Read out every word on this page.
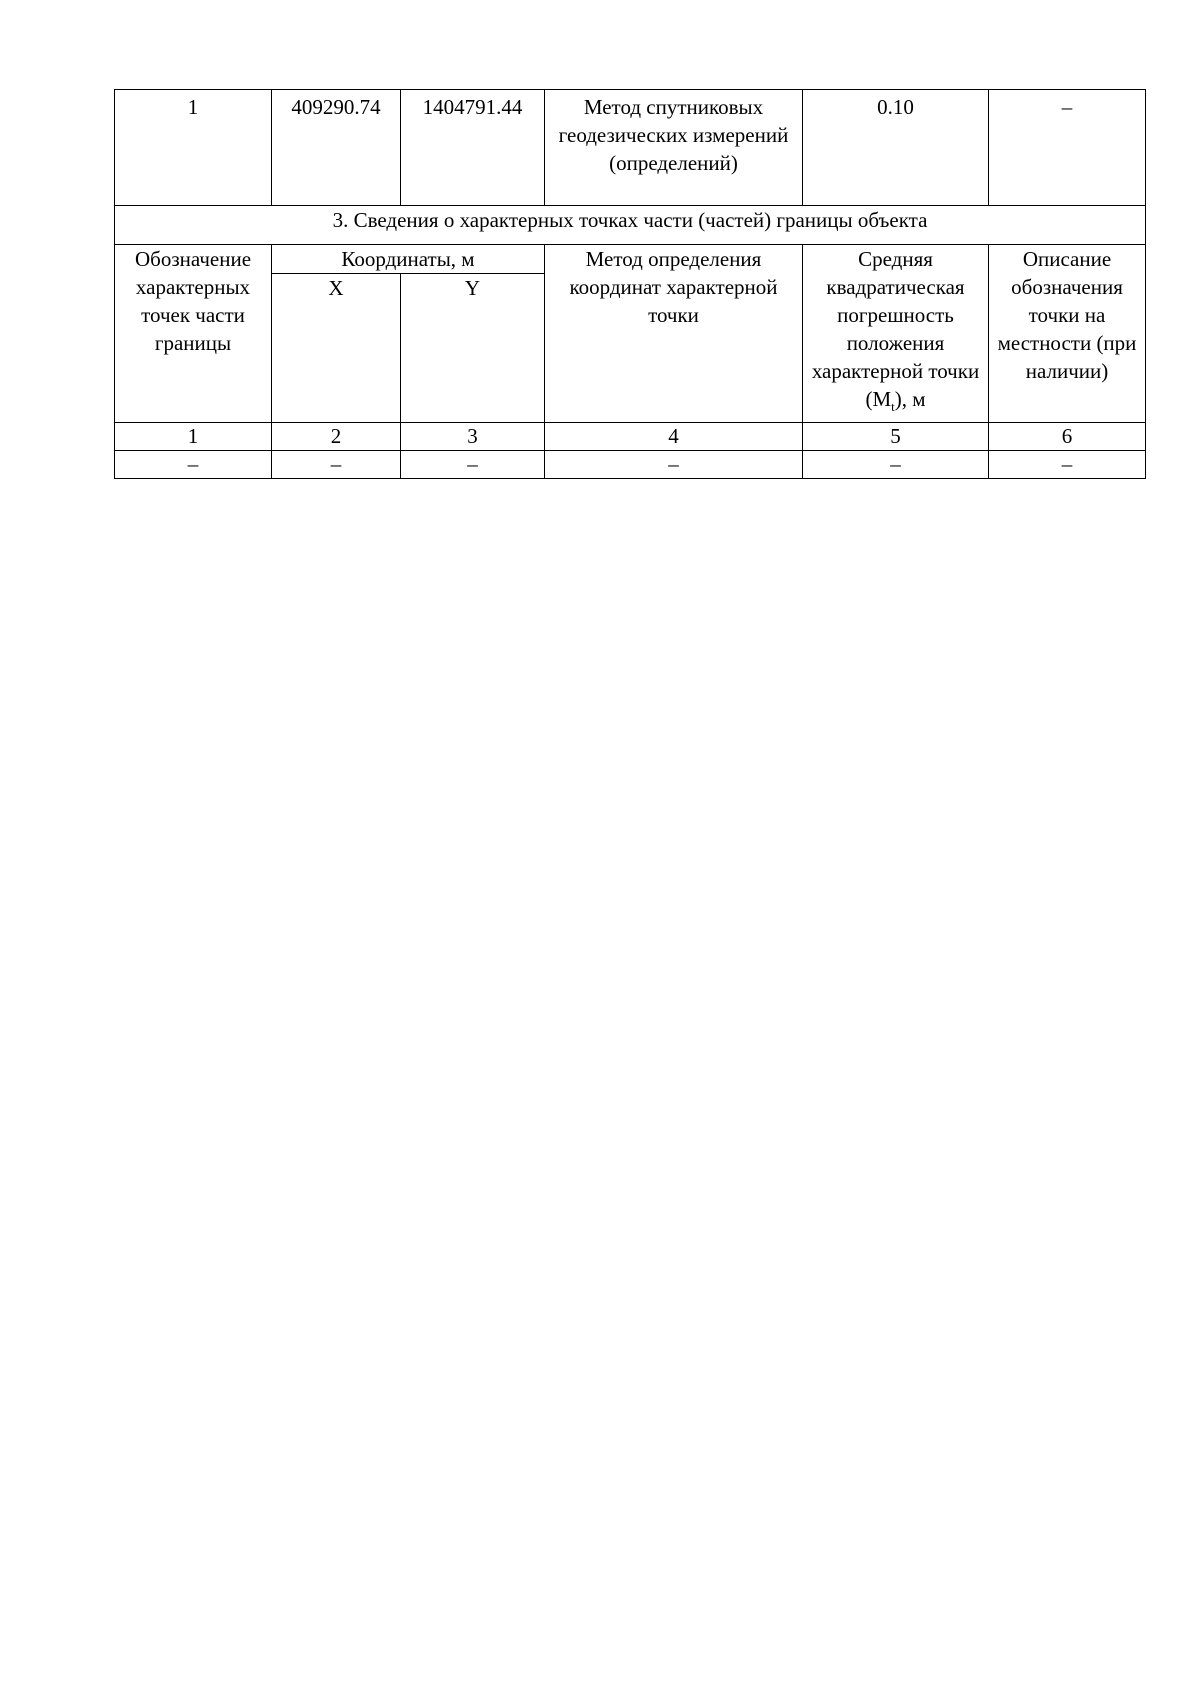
1	409290.74	1404791.44	Метод спутниковых геодезических измерений (определений)	0.10	–
3. Сведения о характерных точках части (частей) границы объекта					
Обозначение характерных точек части границы	Координаты, м		Метод определения координат характерной точки	Средняя квадратическая погрешность положения характерной точки $(M_t)$, м	Описание обозначения точки на местности (при наличии)
	X	Y			
1	2	3	4	5	6
–	–	–	–	–	–
